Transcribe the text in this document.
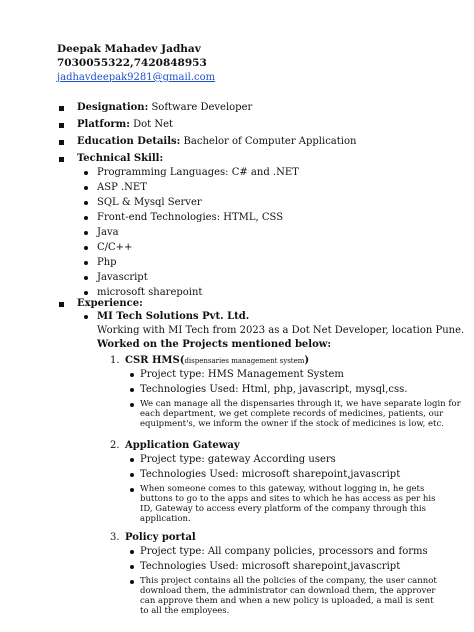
Deepak Mahadev Jadhav
7030055322,7420848953
jadhavdeepak9281@gmail.com
Designation: Software Developer
Platform: Dot Net
Education Details: Bachelor of Computer Application
Technical Skill:
Programming Languages: C# and .NET
ASP .NET
SQL & Mysql Server
Front-end Technologies: HTML, CSS
Java
C/C++
Php
Javascript
microsoft sharepoint
Experience:
MI Tech Solutions Pvt. Ltd.
Working with MI Tech from 2023 as a Dot Net Developer, location Pune.
Worked on the Projects mentioned below:
1. CSR HMS(dispensaries management system)
Project type: HMS Management System
Technologies Used: Html, php, javascript, mysql,css.
We can manage all the dispensaries through it, we have separate login for
each department, we get complete records of medicines, patients, our
equipment's, we inform the owner if the stock of medicines is low, etc.
2. Application Gateway
Project type: gateway According users
Technologies Used: microsoft sharepoint,javascript
When someone comes to this gateway, without logging in, he gets
buttons to go to the apps and sites to which he has access as per his
ID, Gateway to access every platform of the company through this
application.
3. Policy portal
Project type: All company policies, processors and forms
Technologies Used: microsoft sharepoint,javascript
This project contains all the policies of the company, the user cannot
download them, the administrator can download them, the approver
can approve them and when a new policy is uploaded, a mail is sent
to all the employees.
